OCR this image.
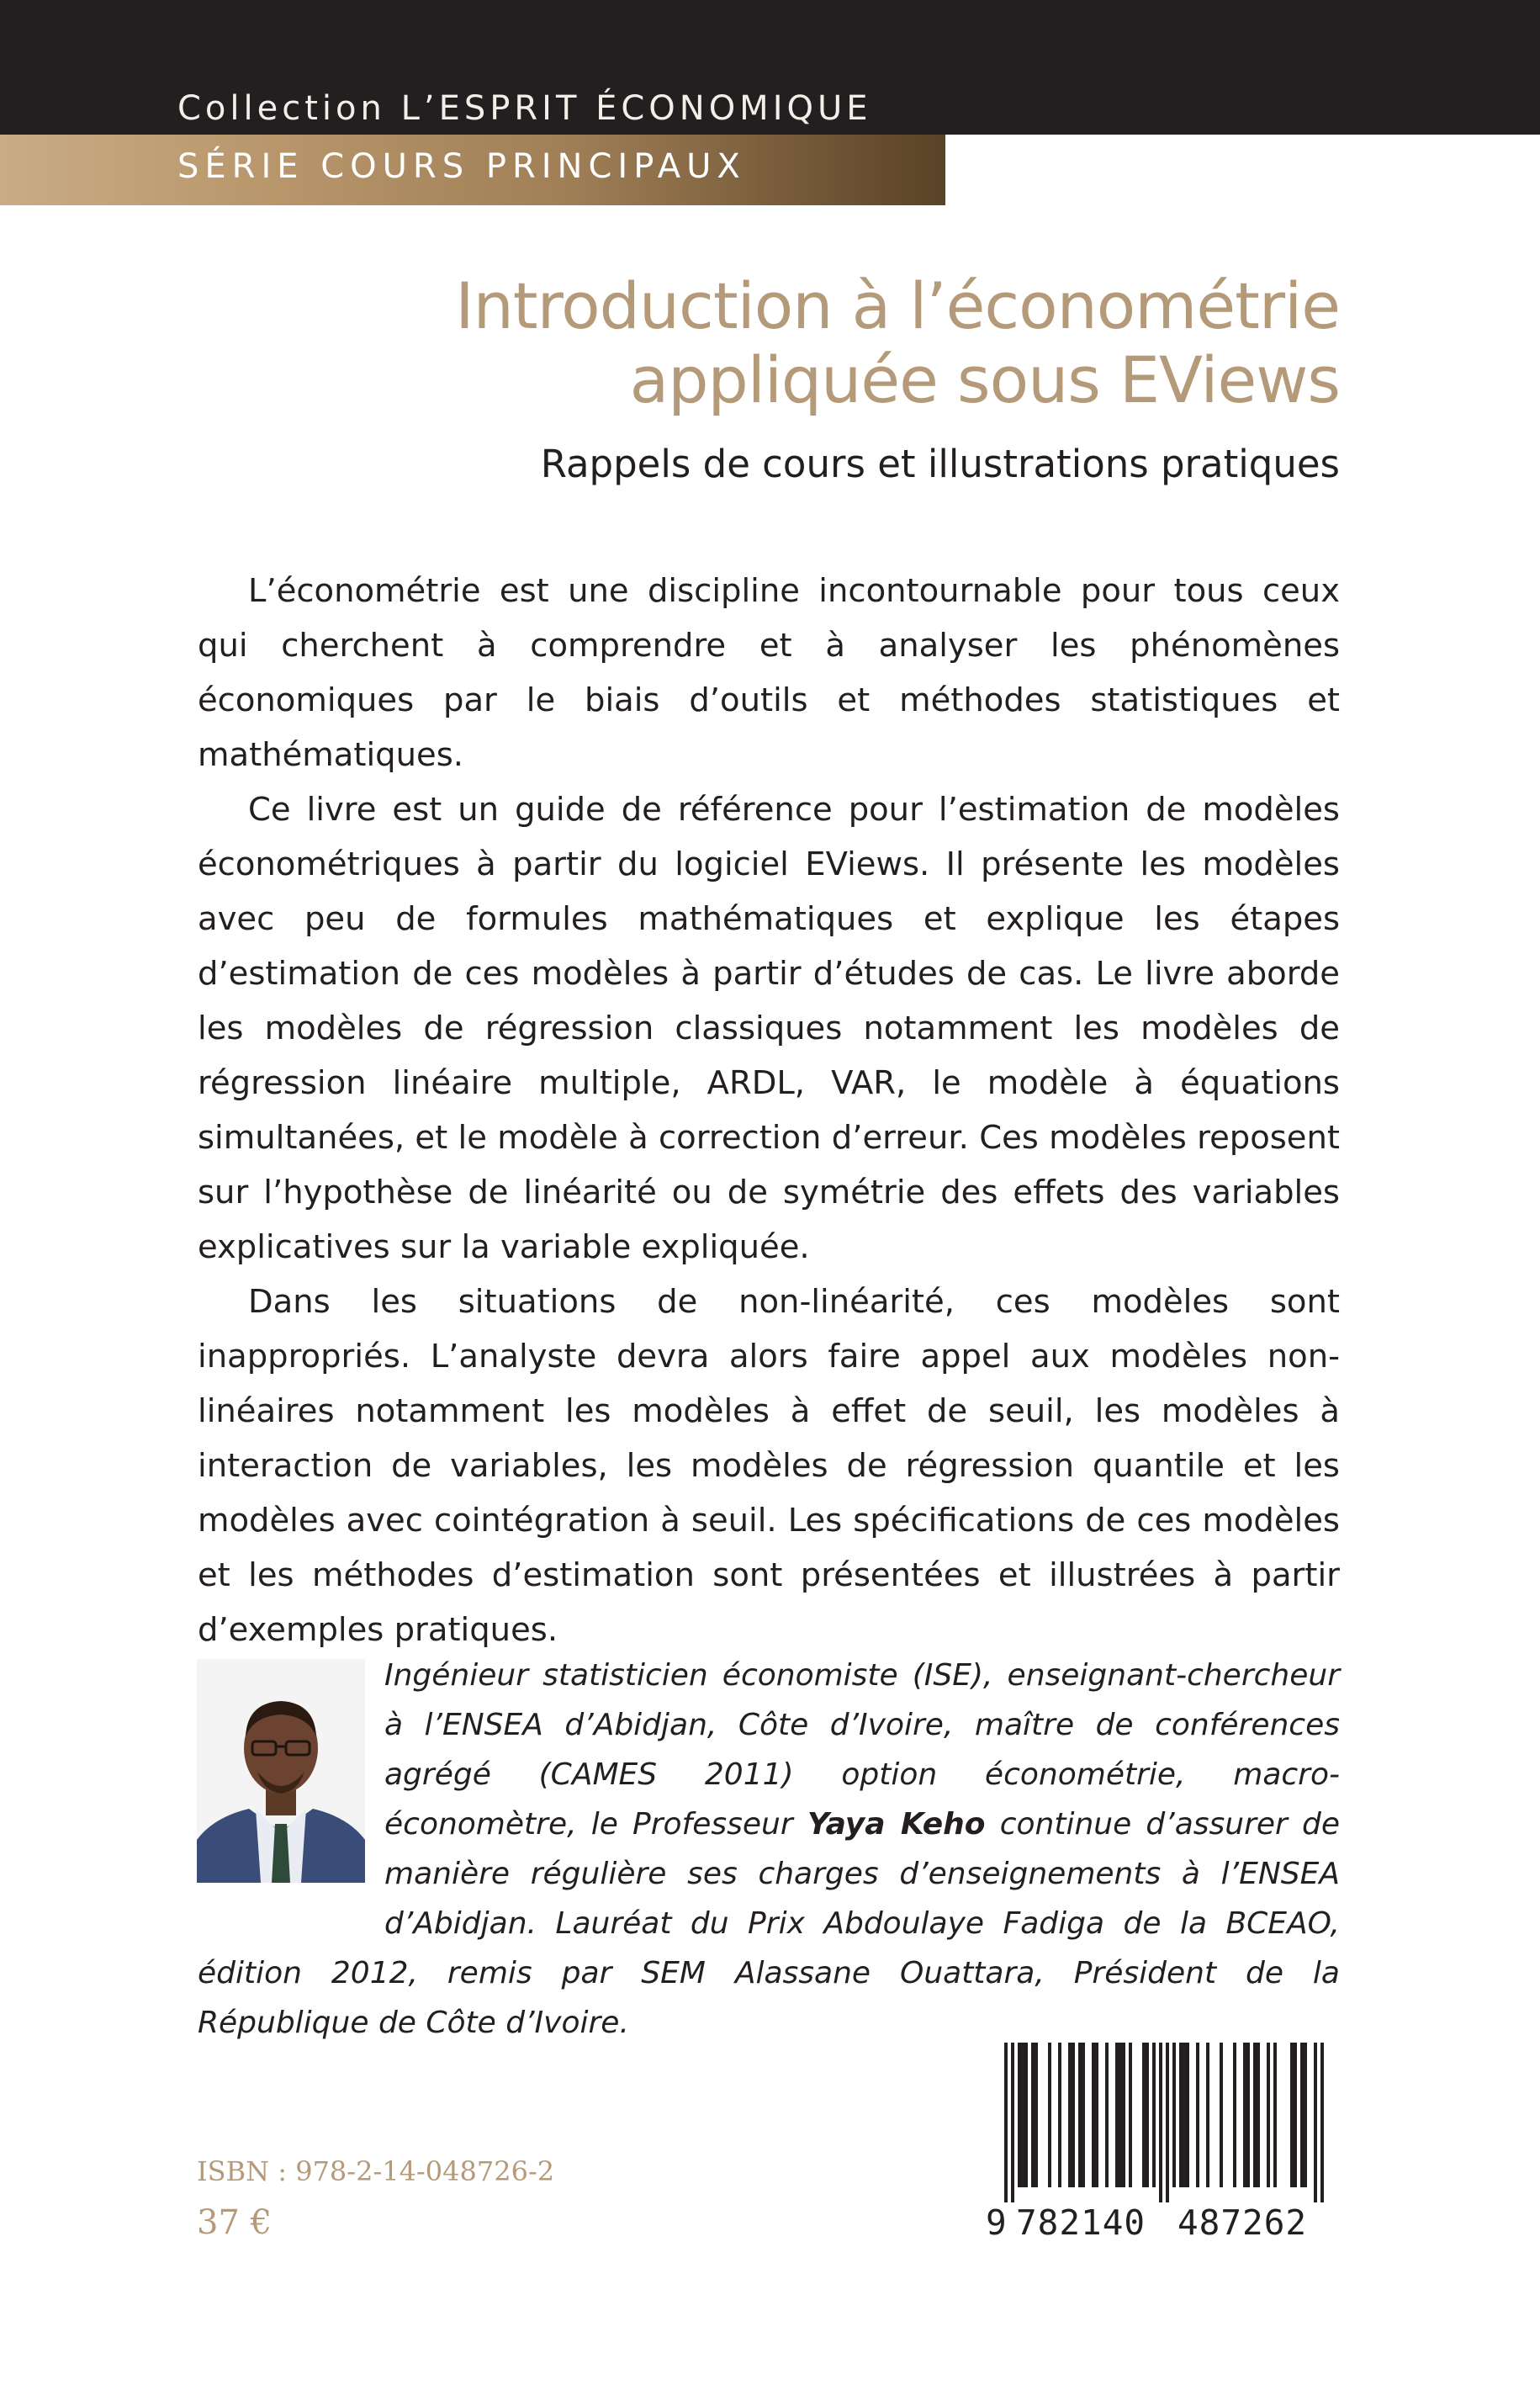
Collection L’ESPRIT ÉCONOMIQUE
SÉRIE COURS PRINCIPAUX
Introduction à l’économétrie
appliquée sous EViews
Rappels de cours et illustrations pratiques

L’économétrie est une discipline incontournable pour tous ceux qui cherchent à comprendre et à analyser les phénomènes économiques par le biais d’outils et méthodes statistiques et mathématiques.

Ce livre est un guide de référence pour l’estimation de modèles économétriques à partir du logiciel EViews. Il présente les modèles avec peu de formules mathématiques et explique les étapes d’estimation de ces modèles à partir d’études de cas. Le livre aborde les modèles de régression classiques notamment les modèles de régression linéaire multiple, ARDL, VAR, le modèle à équations simultanées, et le modèle à correction d’erreur. Ces modèles reposent sur l’hypothèse de linéarité ou de symétrie des effets des variables explicatives sur la variable expliquée.

Dans les situations de non-linéarité, ces modèles sont inappropriés. L’analyste devra alors faire appel aux modèles non-linéaires notamment les modèles à effet de seuil, les modèles à interaction de variables, les modèles de régression quantile et les modèles avec cointégration à seuil. Les spécifications de ces modèles et les méthodes d’estimation sont présentées et illustrées à partir d’exemples pratiques.

Ingénieur statisticien économiste (ISE), enseignant-chercheur à l’ENSEA d’Abidjan, Côte d’Ivoire, maître de conférences agrégé (CAMES 2011) option économétrie, macro-économètre, le Professeur Yaya Keho continue d’assurer de manière régulière ses charges d’enseignements à l’ENSEA d’Abidjan. Lauréat du Prix Abdoulaye Fadiga de la BCEAO, édition 2012, remis par SEM Alassane Ouattara, Président de la République de Côte d’Ivoire.
ISBN : 978-2-14-048726-2
37 €	9 782140 487262
